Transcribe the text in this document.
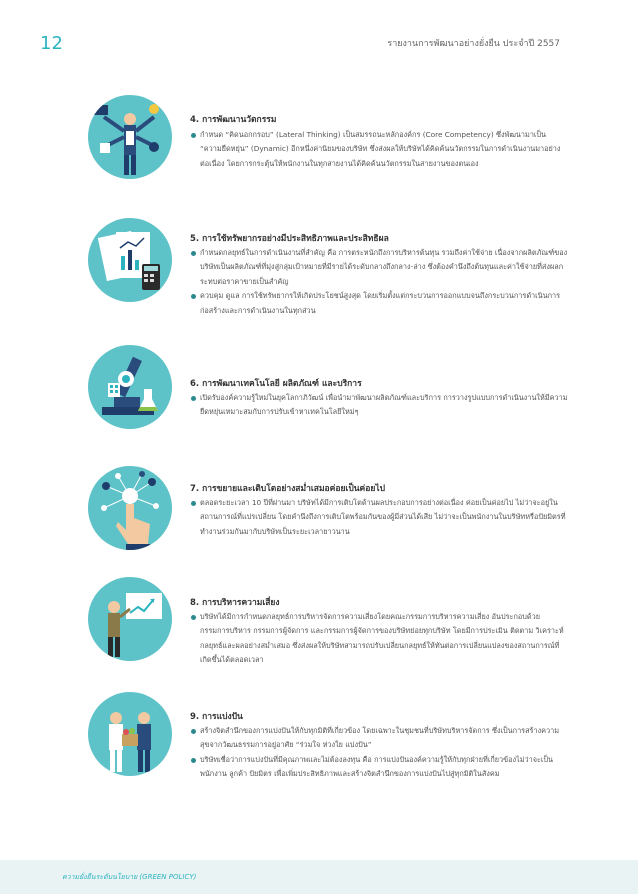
12	รายงานการพัฒนาอย่างยั่งยืน ประจำปี 2557
4. การพัฒนานวัตกรรม

กำหนด “คิดนอกกรอบ” (Lateral Thinking) เป็นสมรรถนะหลักองค์กร (Core Competency) ซึ่งพัฒนามาเป็น “ความยืดหยุ่น” (Dynamic) อีกหนึ่งค่านิยมของบริษัท ซึ่งส่งผลให้บริษัทได้คิดค้นนวัตกรรมในการดำเนินงานมาอย่างต่อเนื่อง โดยการกระตุ้นให้พนักงานในทุกสายงานได้คิดค้นนวัตกรรมในสายงานของตนเอง

5. การใช้ทรัพยากรอย่างมีประสิทธิภาพและประสิทธิผล

กำหนดกลยุทธ์ในการดำเนินงานที่สำคัญ คือ การตระหนักถึงการบริหารต้นทุน รวมถึงค่าใช้จ่าย เนื่องจากผลิตภัณฑ์ของบริษัทเป็นผลิตภัณฑ์ที่มุ่งสู่กลุ่มเป้าหมายที่มีรายได้ระดับกลางถึงกลาง-ล่าง ซึ่งต้องคำนึงถึงต้นทุนและค่าใช้จ่ายที่ส่งผลกระทบต่อราคาขายเป็นสำคัญ

ควบคุม ดูแล การใช้ทรัพยากรให้เกิดประโยชน์สูงสุด โดยเริ่มตั้งแต่กระบวนการออกแบบจนถึงกระบวนการดำเนินการก่อสร้างและการดำเนินงานในทุกส่วน

6. การพัฒนาเทคโนโลยี ผลิตภัณฑ์ และบริการ

เปิดรับองค์ความรู้ใหม่ในยุคโลกาภิวัฒน์ เพื่อนำมาพัฒนาผลิตภัณฑ์และบริการ การวางรูปแบบการดำเนินงานให้มีความยืดหยุ่นเหมาะสมกับการปรับเข้าหาเทคโนโลยีใหม่ๆ

7. การขยายและเติบโตอย่างสม่ำเสมอค่อยเป็นค่อยไป

ตลอดระยะเวลา 10 ปีที่ผ่านมา บริษัทได้มีการเติบโตด้านผลประกอบการอย่างต่อเนื่อง ค่อยเป็นค่อยไป ไม่ว่าจะอยู่ในสถานการณ์ที่แปรเปลี่ยน โดยคำนึงถึงการเติบโตพร้อมกันของผู้มีส่วนได้เสีย ไม่ว่าจะเป็นพนักงานในบริษัทหรือปัยมิตรที่ทำงานร่วมกันมากับบริษัทเป็นระยะเวลายาวนาน

8. การบริหารความเสี่ยง

บริษัทได้มีการกำหนดกลยุทธ์การบริหารจัดการความเสี่ยงโดยคณะกรรมการบริหารความเสี่ยง อันประกอบด้วย กรรมการบริหาร กรรมการผู้จัดการ และกรรมการผู้จัดการของบริษัทย่อยทุกบริษัท โดยมีการประเมิน ติดตาม วิเคราะห์กลยุทธ์และผลอย่างสม่ำเสมอ ซึ่งส่งผลให้บริษัทสามารถปรับเปลี่ยนกลยุทธ์ให้ทันต่อการเปลี่ยนแปลงของสถานการณ์ที่เกิดขึ้นได้ตลอดเวลา

9. การแบ่งปัน

สร้างจิตสำนึกของการแบ่งปันให้กับทุกมิติที่เกี่ยวข้อง โดยเฉพาะในชุมชนที่บริษัทบริหารจัดการ ซึ่งเป็นการสร้างความสุขจากวัฒนธรรมการอยู่อาศัย “ร่วมใจ ห่วงใย แบ่งปัน”

บริษัทเชื่อว่าการแบ่งปันที่มีคุณภาพและไม่ต้องลงทุน คือ การแบ่งปันองค์ความรู้ให้กับทุกฝ่ายที่เกี่ยวข้องไม่ว่าจะเป็นพนักงาน ลูกค้า ปัยมิตร เพื่อเพิ่มประสิทธิภาพและสร้างจิตสำนึกของการแบ่งปันไปสู่ทุกมิติในสังคม

ความยั่งยืนระดับนโยบาย (GREEN POLICY)
